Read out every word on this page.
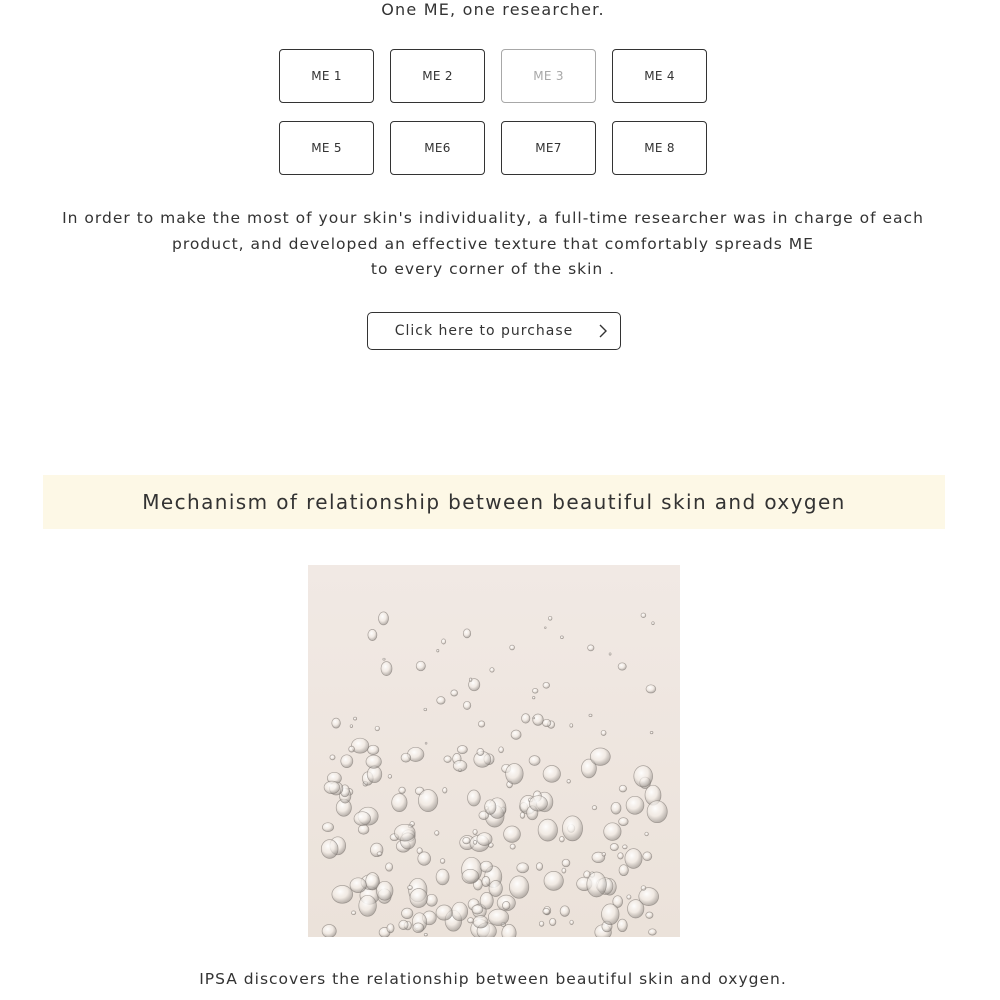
One ME, one researcher.
ME 1	ME 2	ME 3	ME 4
ME 5	ME6	ME7	ME 8
In order to make the most of your skin's individuality, a full-time researcher was in charge of each
product, and developed an effective texture that comfortably spreads ME
to every corner of the skin .
Click here to purchase
Mechanism of relationship between beautiful skin and oxygen
IPSA discovers the relationship between beautiful skin and oxygen.
